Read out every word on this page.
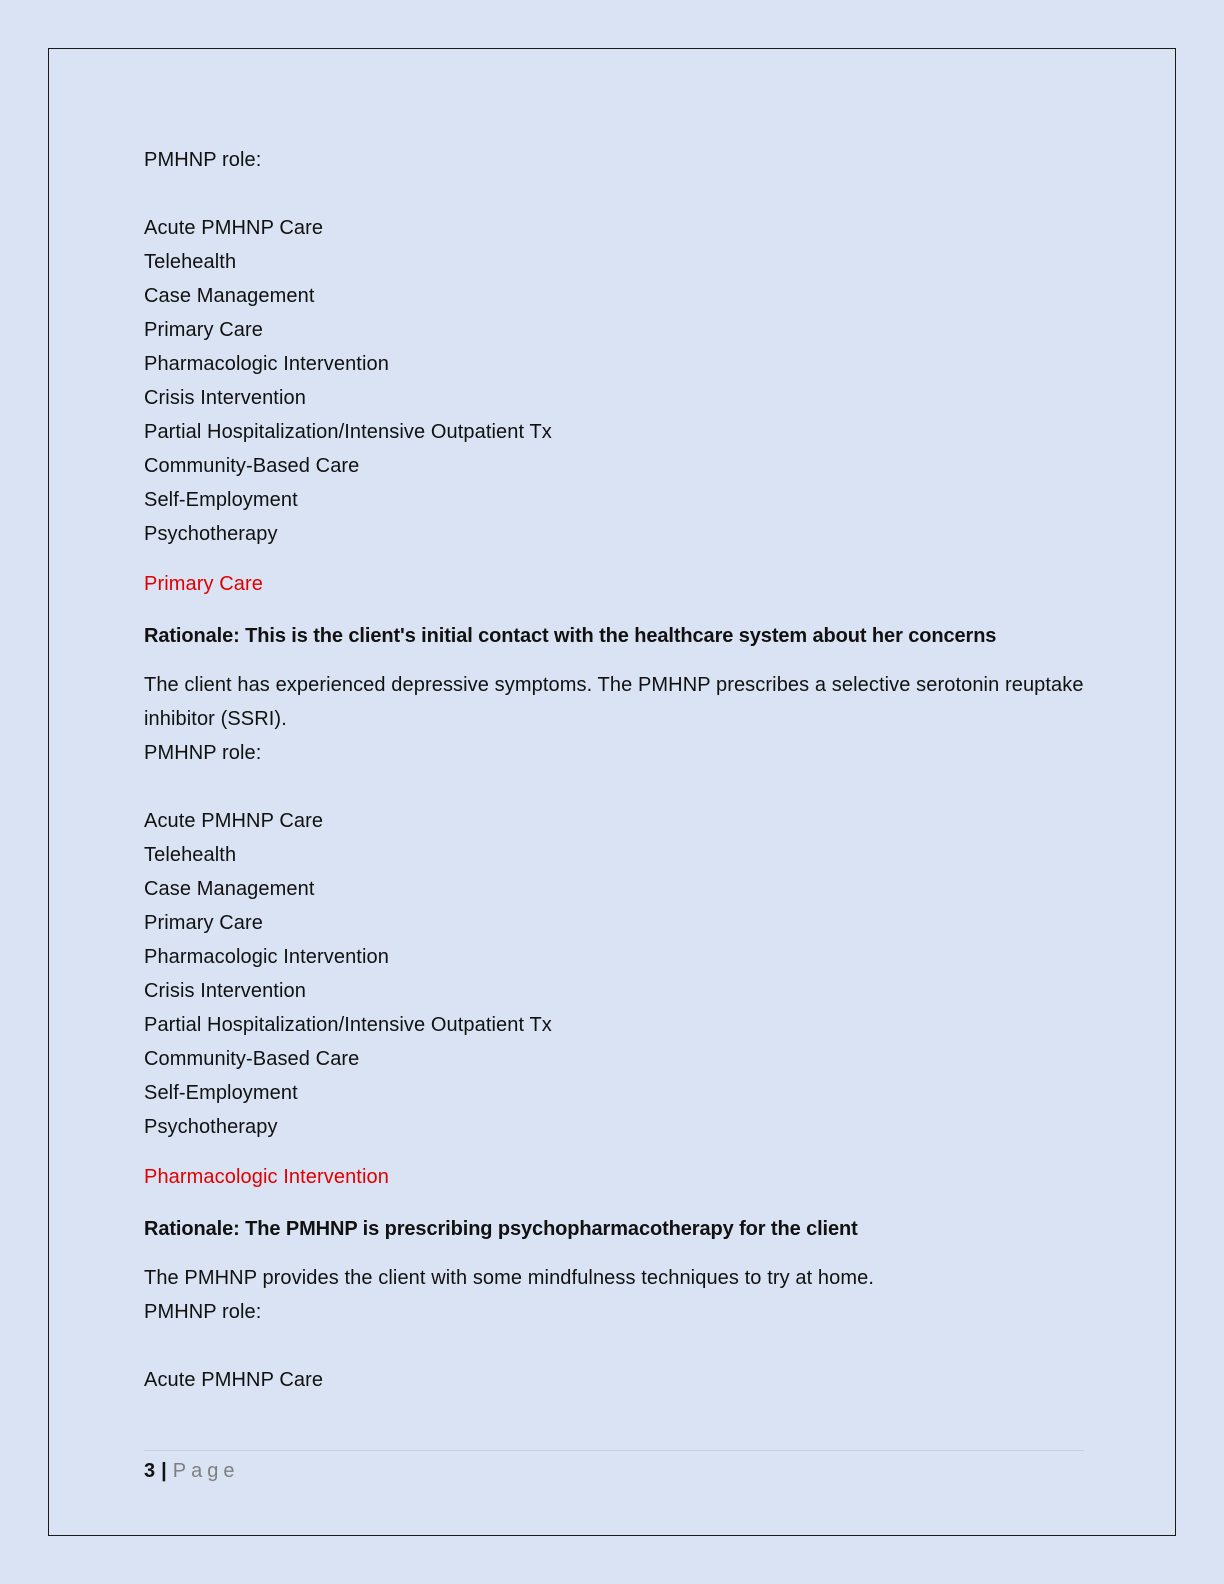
PMHNP role:
Acute PMHNP Care
Telehealth
Case Management
Primary Care
Pharmacologic Intervention
Crisis Intervention
Partial Hospitalization/Intensive Outpatient Tx
Community-Based Care
Self-Employment
Psychotherapy
Primary Care
Rationale: This is the client's initial contact with the healthcare system about her concerns
The client has experienced depressive symptoms. The PMHNP prescribes a selective serotonin reuptake inhibitor (SSRI).
PMHNP role:
Acute PMHNP Care
Telehealth
Case Management
Primary Care
Pharmacologic Intervention
Crisis Intervention
Partial Hospitalization/Intensive Outpatient Tx
Community-Based Care
Self-Employment
Psychotherapy
Pharmacologic Intervention
Rationale: The PMHNP is prescribing psychopharmacotherapy for the client
The PMHNP provides the client with some mindfulness techniques to try at home.
PMHNP role:
Acute PMHNP Care
3 | Page
